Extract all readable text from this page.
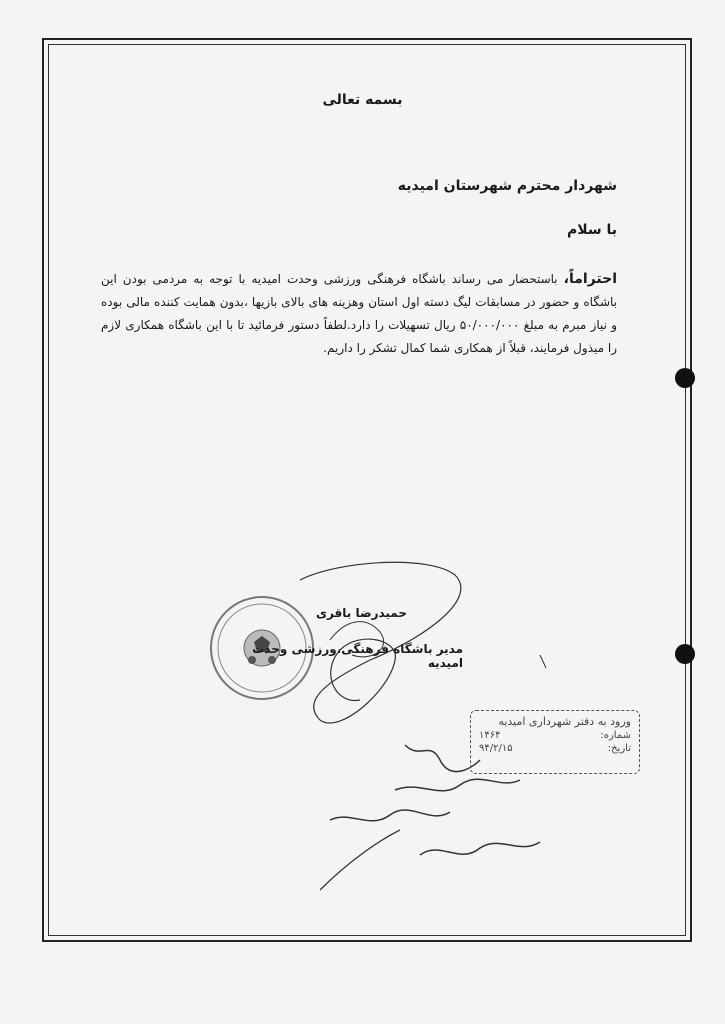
بسمه تعالی
شهردار محترم شهرستان امیدیه
با سلام
احتراماً، باستحضار می رساند باشگاه فرهنگی ورزشی وحدت امیدیه با توجه به مردمی بودن این باشگاه و حضور در مسابقات لیگ دسته اول استان وهزینه های بالای بازیها ،بدون همایت کننده مالی بوده و نیاز مبرم به مبلغ ۵۰/۰۰۰/۰۰۰ ریال تسهیلات را دارد.لطفاً دستور فرمائید تا با این باشگاه همکاری لازم را میذول فرمایند، قبلاً از همکاری شما کمال تشکر را داریم.
حمیدرضا باقری
مدیر باشگاه فرهنگی،ورزشی وحدت امیدیه
ورود به دفتر شهرداری امیدیه
شماره:
۱۴۶۴
تاریخ:
۹۴/۲/۱۵
